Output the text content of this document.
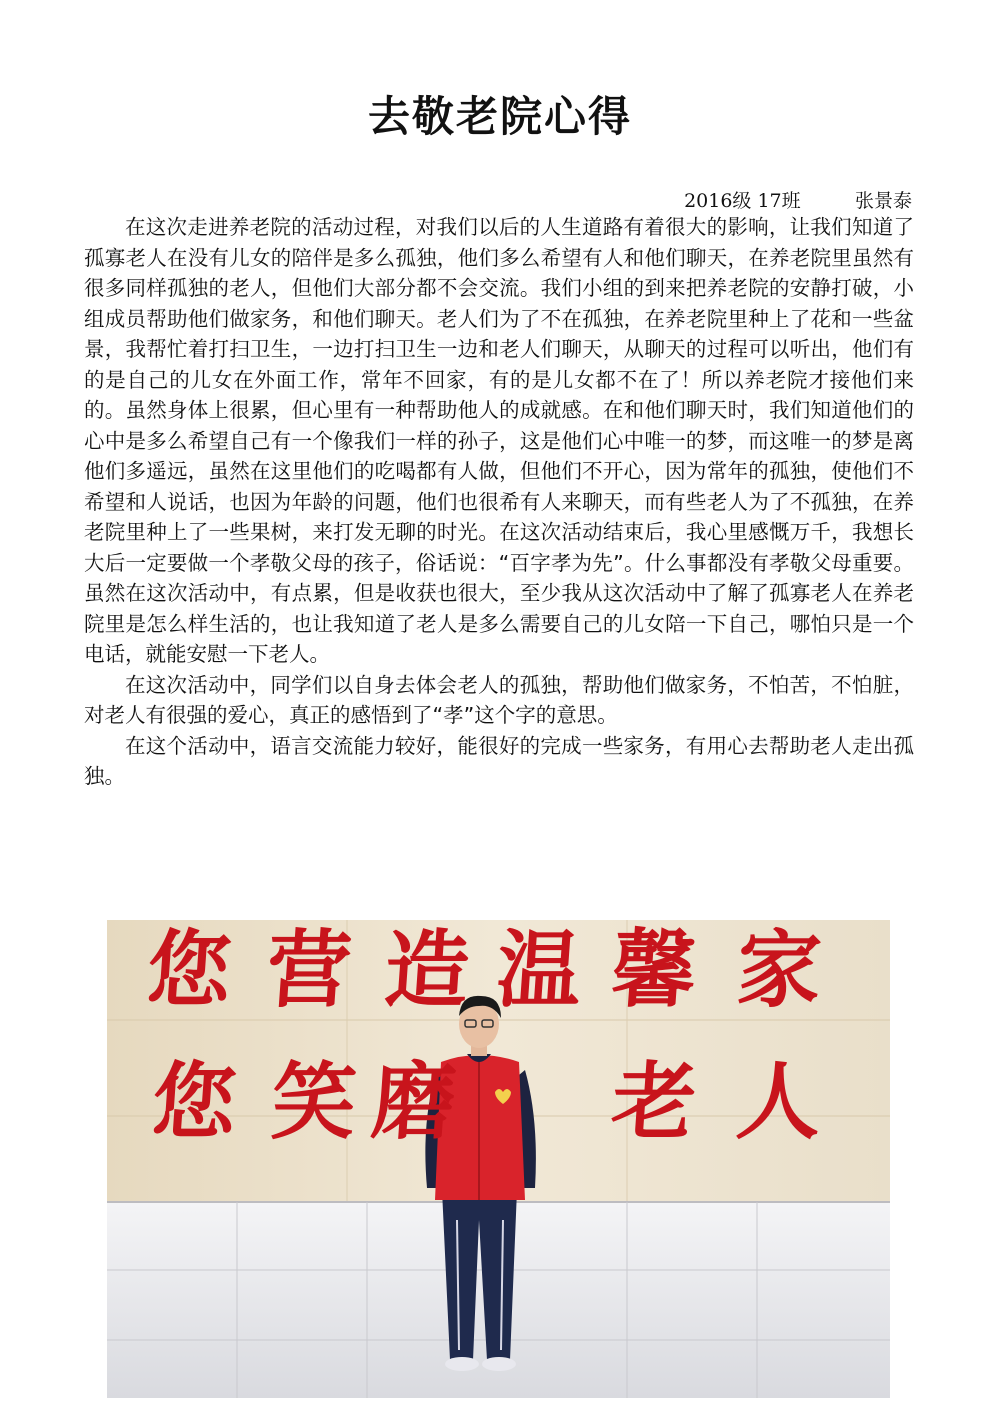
去敬老院心得
2016级 17班         张景泰

在这次走进养老院的活动过程，对我们以后的人生道路有着很大的影响，让我们知道了孤寡老人在没有儿女的陪伴是多么孤独，他们多么希望有人和他们聊天，在养老院里虽然有很多同样孤独的老人，但他们大部分都不会交流。我们小组的到来把养老院的安静打破，小组成员帮助他们做家务，和他们聊天。老人们为了不在孤独，在养老院里种上了花和一些盆景，我帮忙着打扫卫生，一边打扫卫生一边和老人们聊天，从聊天的过程可以听出，他们有的是自己的儿女在外面工作，常年不回家，有的是儿女都不在了！所以养老院才接他们来的。虽然身体上很累，但心里有一种帮助他人的成就感。在和他们聊天时，我们知道他们的心中是多么希望自己有一个像我们一样的孙子，这是他们心中唯一的梦，而这唯一的梦是离他们多遥远，虽然在这里他们的吃喝都有人做，但他们不开心，因为常年的孤独，使他们不希望和人说话，也因为年龄的问题，他们也很希有人来聊天，而有些老人为了不孤独，在养老院里种上了一些果树，来打发无聊的时光。在这次活动结束后，我心里感慨万千，我想长大后一定要做一个孝敬父母的孩子，俗话说：“百字孝为先”。什么事都没有孝敬父母重要。虽然在这次活动中，有点累，但是收获也很大，至少我从这次活动中了解了孤寡老人在养老院里是怎么样生活的，也让我知道了老人是多么需要自己的儿女陪一下自己，哪怕只是一个电话，就能安慰一下老人。

在这次活动中，同学们以自身去体会老人的孤独，帮助他们做家务，不怕苦，不怕脏，对老人有很强的爱心，真正的感悟到了“孝”这个字的意思。

在这个活动中，语言交流能力较好，能很好的完成一些家务，有用心去帮助老人走出孤独。

您 营 造 温 馨 家
您 笑 磨 老 人
